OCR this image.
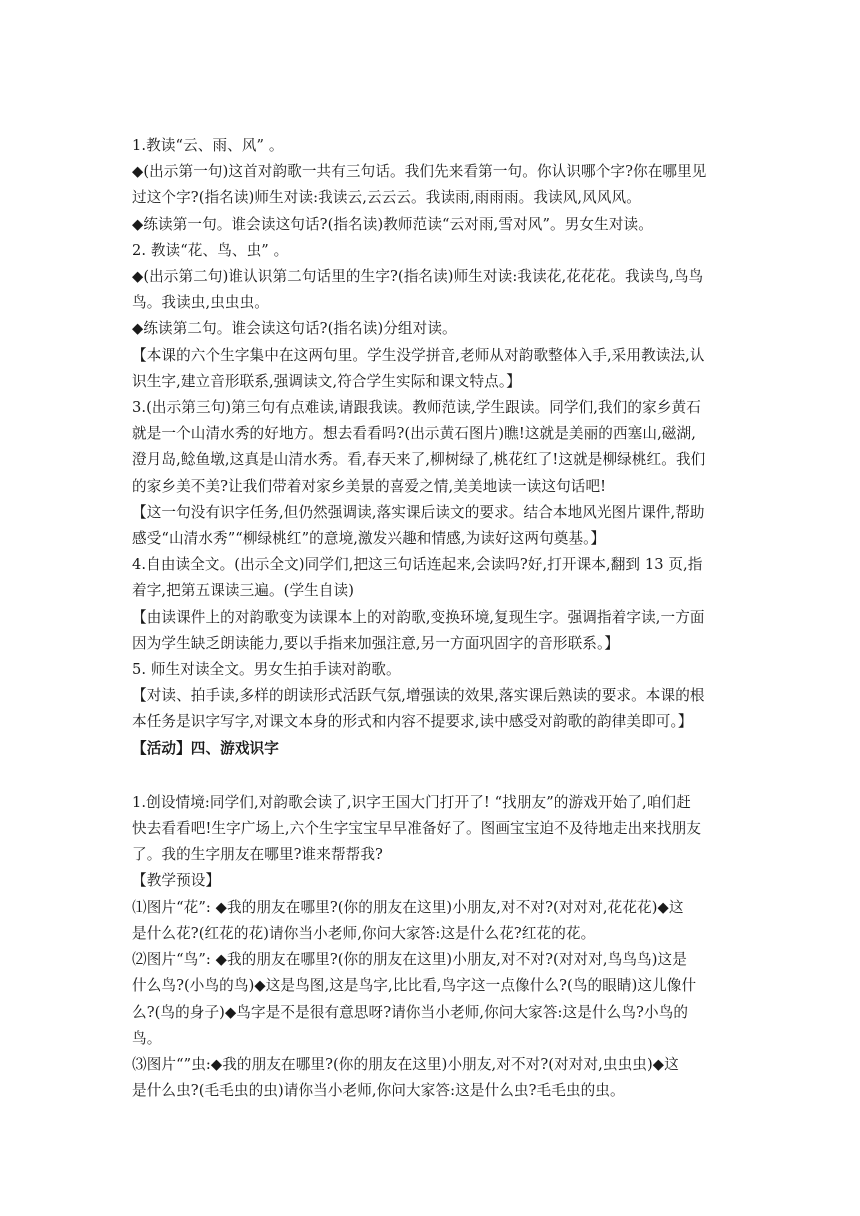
1.教读“云、雨、风” 。
◆(出示第一句)这首对韵歌一共有三句话。我们先来看第一句。你认识哪个字?你在哪里见
过这个字?(指名读)师生对读:我读云,云云云。我读雨,雨雨雨。我读风,风风风。
◆练读第一句。谁会读这句话?(指名读)教师范读“云对雨,雪对风”。男女生对读。
2. 教读“花、鸟、虫” 。
◆(出示第二句)谁认识第二句话里的生字?(指名读)师生对读:我读花,花花花。我读鸟,鸟鸟
鸟。我读虫,虫虫虫。
◆练读第二句。谁会读这句话?(指名读)分组对读。
【本课的六个生字集中在这两句里。学生没学拼音,老师从对韵歌整体入手,采用教读法,认
识生字,建立音形联系,强调读文,符合学生实际和课文特点。】
3.(出示第三句)第三句有点难读,请跟我读。教师范读,学生跟读。同学们,我们的家乡黄石
就是一个山清水秀的好地方。想去看看吗?(出示黄石图片)瞧!这就是美丽的西塞山,磁湖,
澄月岛,鲶鱼墩,这真是山清水秀。看,春天来了,柳树绿了,桃花红了!这就是柳绿桃红。我们
的家乡美不美?让我们带着对家乡美景的喜爱之情,美美地读一读这句话吧!
【这一句没有识字任务,但仍然强调读,落实课后读文的要求。结合本地风光图片课件,帮助
感受“山清水秀”“柳绿桃红”的意境,激发兴趣和情感,为读好这两句奠基。】
4.自由读全文。(出示全文)同学们,把这三句话连起来,会读吗?好,打开课本,翻到 13 页,指
着字,把第五课读三遍。(学生自读)
【由读课件上的对韵歌变为读课本上的对韵歌,变换环境,复现生字。强调指着字读,一方面
因为学生缺乏朗读能力,要以手指来加强注意,另一方面巩固字的音形联系。】
5. 师生对读全文。男女生拍手读对韵歌。
【对读、拍手读,多样的朗读形式活跃气氛,增强读的效果,落实课后熟读的要求。本课的根
本任务是识字写字,对课文本身的形式和内容不提要求,读中感受对韵歌的韵律美即可。】
【活动】四、游戏识字
1.创设情境:同学们,对韵歌会读了,识字王国大门打开了! “找朋友”的游戏开始了,咱们赶
快去看看吧!生字广场上,六个生字宝宝早早准备好了。图画宝宝迫不及待地走出来找朋友
了。我的生字朋友在哪里?谁来帮帮我?
【教学预设】
⑴图片“花”: ◆我的朋友在哪里?(你的朋友在这里)小朋友,对不对?(对对对,花花花)◆这
是什么花?(红花的花)请你当小老师,你问大家答:这是什么花?红花的花。
⑵图片“鸟”: ◆我的朋友在哪里?(你的朋友在这里)小朋友,对不对?(对对对,鸟鸟鸟)这是
什么鸟?(小鸟的鸟)◆这是鸟图,这是鸟字,比比看,鸟字这一点像什么?(鸟的眼睛)这儿像什
么?(鸟的身子)◆鸟字是不是很有意思呀?请你当小老师,你问大家答:这是什么鸟?小鸟的
鸟。
⑶图片“”虫:◆我的朋友在哪里?(你的朋友在这里)小朋友,对不对?(对对对,虫虫虫)◆这
是什么虫?(毛毛虫的虫)请你当小老师,你问大家答:这是什么虫?毛毛虫的虫。
